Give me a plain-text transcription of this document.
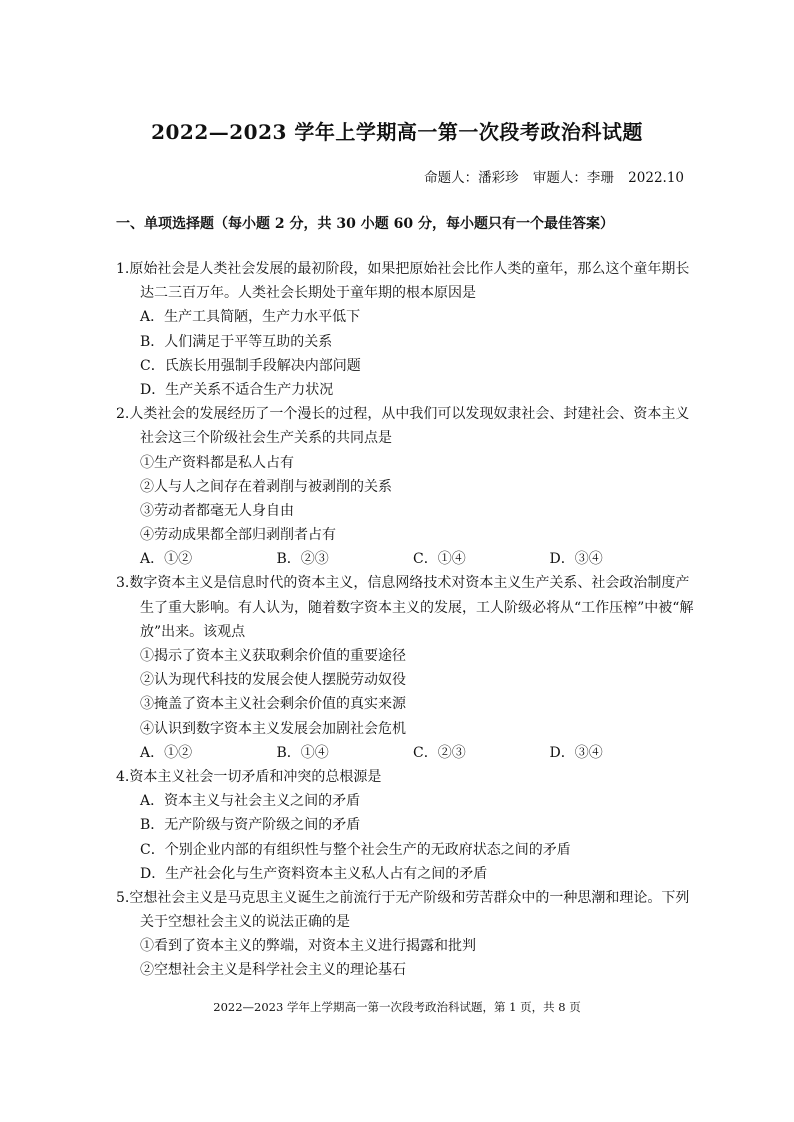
2022—2023 学年上学期高一第一次段考政治科试题
命题人：潘彩珍 审题人：李珊 2022.10
一、单项选择题（每小题 2 分，共 30 小题 60 分，每小题只有一个最佳答案）
1.原始社会是人类社会发展的最初阶段，如果把原始社会比作人类的童年，那么这个童年期长
达二三百万年。人类社会长期处于童年期的根本原因是
A．生产工具简陋，生产力水平低下
B．人们满足于平等互助的关系
C．氏族长用强制手段解决内部问题
D．生产关系不适合生产力状况
2.人类社会的发展经历了一个漫长的过程，从中我们可以发现奴隶社会、封建社会、资本主义
社会这三个阶级社会生产关系的共同点是
①生产资料都是私人占有
②人与人之间存在着剥削与被剥削的关系
③劳动者都毫无人身自由
④劳动成果都全部归剥削者占有
A．①②	B．②③	C．①④	D．③④
3.数字资本主义是信息时代的资本主义，信息网络技术对资本主义生产关系、社会政治制度产
生了重大影响。有人认为，随着数字资本主义的发展，工人阶级必将从“工作压榨”中被“解
放”出来。该观点
①揭示了资本主义获取剩余价值的重要途径
②认为现代科技的发展会使人摆脱劳动奴役
③掩盖了资本主义社会剩余价值的真实来源
④认识到数字资本主义发展会加剧社会危机
A．①②	B．①④	C．②③	D．③④
4.资本主义社会一切矛盾和冲突的总根源是
A．资本主义与社会主义之间的矛盾
B．无产阶级与资产阶级之间的矛盾
C．个别企业内部的有组织性与整个社会生产的无政府状态之间的矛盾
D．生产社会化与生产资料资本主义私人占有之间的矛盾
5.空想社会主义是马克思主义诞生之前流行于无产阶级和劳苦群众中的一种思潮和理论。下列
关于空想社会主义的说法正确的是
①看到了资本主义的弊端，对资本主义进行揭露和批判
②空想社会主义是科学社会主义的理论基石
2022—2023 学年上学期高一第一次段考政治科试题，第 1 页，共 8 页
